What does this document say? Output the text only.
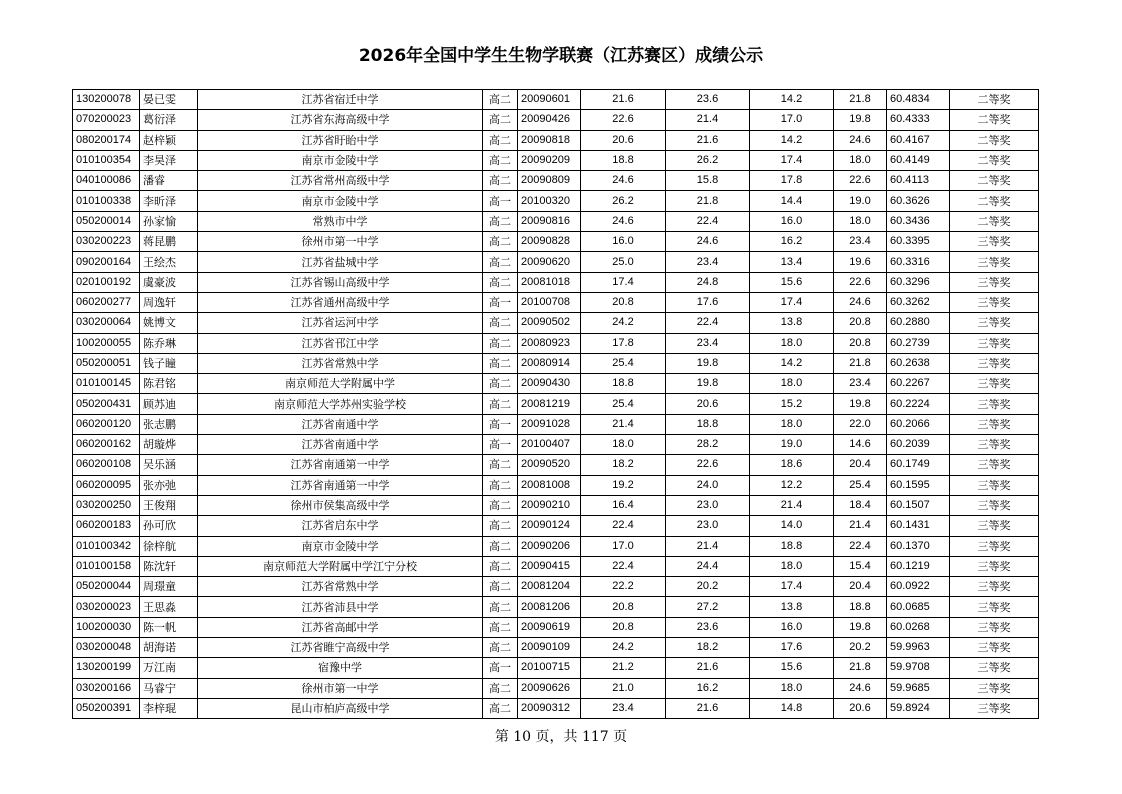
2026年全国中学生生物学联赛（江苏赛区）成绩公示
130200078	晏已雯	江苏省宿迁中学	高二	20090601	21.6	23.6	14.2	21.8	60.4834	二等奖
070200023	葛衍泽	江苏省东海高级中学	高二	20090426	22.6	21.4	17.0	19.8	60.4333	二等奖
080200174	赵梓颖	江苏省盱眙中学	高二	20090818	20.6	21.6	14.2	24.6	60.4167	二等奖
010100354	李昊泽	南京市金陵中学	高二	20090209	18.8	26.2	17.4	18.0	60.4149	二等奖
040100086	潘睿	江苏省常州高级中学	高二	20090809	24.6	15.8	17.8	22.6	60.4113	二等奖
010100338	李昕泽	南京市金陵中学	高一	20100320	26.2	21.8	14.4	19.0	60.3626	二等奖
050200014	孙家愉	常熟市中学	高二	20090816	24.6	22.4	16.0	18.0	60.3436	二等奖
030200223	蒋昆鹏	徐州市第一中学	高二	20090828	16.0	24.6	16.2	23.4	60.3395	三等奖
090200164	王绘杰	江苏省盐城中学	高二	20090620	25.0	23.4	13.4	19.6	60.3316	三等奖
020100192	虞豪波	江苏省锡山高级中学	高二	20081018	17.4	24.8	15.6	22.6	60.3296	三等奖
060200277	周逸轩	江苏省通州高级中学	高一	20100708	20.8	17.6	17.4	24.6	60.3262	三等奖
030200064	姚博文	江苏省运河中学	高二	20090502	24.2	22.4	13.8	20.8	60.2880	三等奖
100200055	陈乔琳	江苏省邗江中学	高二	20080923	17.8	23.4	18.0	20.8	60.2739	三等奖
050200051	钱子瞳	江苏省常熟中学	高二	20080914	25.4	19.8	14.2	21.8	60.2638	三等奖
010100145	陈君铭	南京师范大学附属中学	高二	20090430	18.8	19.8	18.0	23.4	60.2267	三等奖
050200431	顾苏迪	南京师范大学苏州实验学校	高二	20081219	25.4	20.6	15.2	19.8	60.2224	三等奖
060200120	张志鹏	江苏省南通中学	高一	20091028	21.4	18.8	18.0	22.0	60.2066	三等奖
060200162	胡璇烨	江苏省南通中学	高一	20100407	18.0	28.2	19.0	14.6	60.2039	三等奖
060200108	吴乐涵	江苏省南通第一中学	高二	20090520	18.2	22.6	18.6	20.4	60.1749	三等奖
060200095	张亦弛	江苏省南通第一中学	高二	20081008	19.2	24.0	12.2	25.4	60.1595	三等奖
030200250	王俊翔	徐州市侯集高级中学	高二	20090210	16.4	23.0	21.4	18.4	60.1507	三等奖
060200183	孙可欣	江苏省启东中学	高二	20090124	22.4	23.0	14.0	21.4	60.1431	三等奖
010100342	徐梓航	南京市金陵中学	高二	20090206	17.0	21.4	18.8	22.4	60.1370	三等奖
010100158	陈沈轩	南京师范大学附属中学江宁分校	高二	20090415	22.4	24.4	18.0	15.4	60.1219	三等奖
050200044	周璟童	江苏省常熟中学	高二	20081204	22.2	20.2	17.4	20.4	60.0922	三等奖
030200023	王思淼	江苏省沛县中学	高二	20081206	20.8	27.2	13.8	18.8	60.0685	三等奖
100200030	陈一帆	江苏省高邮中学	高二	20090619	20.8	23.6	16.0	19.8	60.0268	三等奖
030200048	胡海诺	江苏省睢宁高级中学	高二	20090109	24.2	18.2	17.6	20.2	59.9963	三等奖
130200199	万江南	宿豫中学	高一	20100715	21.2	21.6	15.6	21.8	59.9708	三等奖
030200166	马睿宁	徐州市第一中学	高二	20090626	21.0	16.2	18.0	24.6	59.9685	三等奖
050200391	李梓琨	昆山市柏庐高级中学	高二	20090312	23.4	21.6	14.8	20.6	59.8924	三等奖
第 10 页，共 117 页
